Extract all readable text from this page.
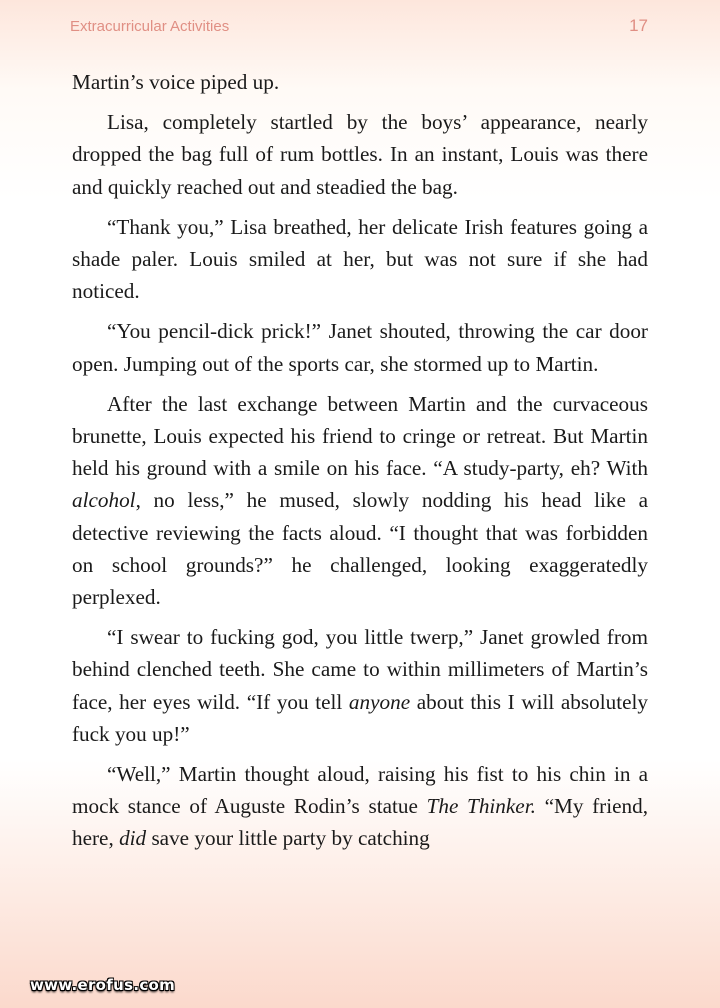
Extracurricular Activities	17

Martin’s voice piped up.

Lisa, completely startled by the boys’ appearance, nearly dropped the bag full of rum bottles. In an instant, Louis was there and quickly reached out and steadied the bag.

“Thank you,” Lisa breathed, her delicate Irish features going a shade paler. Louis smiled at her, but was not sure if she had noticed.

“You pencil-dick prick!” Janet shouted, throwing the car door open. Jumping out of the sports car, she stormed up to Martin.

After the last exchange between Martin and the curvaceous brunette, Louis expected his friend to cringe or retreat. But Martin held his ground with a smile on his face. “A study-party, eh? With alcohol, no less,” he mused, slowly nodding his head like a detective reviewing the facts aloud. “I thought that was forbidden on school grounds?” he challenged, looking exaggeratedly perplexed.

“I swear to fucking god, you little twerp,” Janet growled from behind clenched teeth. She came to within millimeters of Martin’s face, her eyes wild. “If you tell anyone about this I will absolutely fuck you up!”

“Well,” Martin thought aloud, raising his fist to his chin in a mock stance of Auguste Rodin’s statue The Thinker. “My friend, here, did save your little party by catching

www.erofus.com
